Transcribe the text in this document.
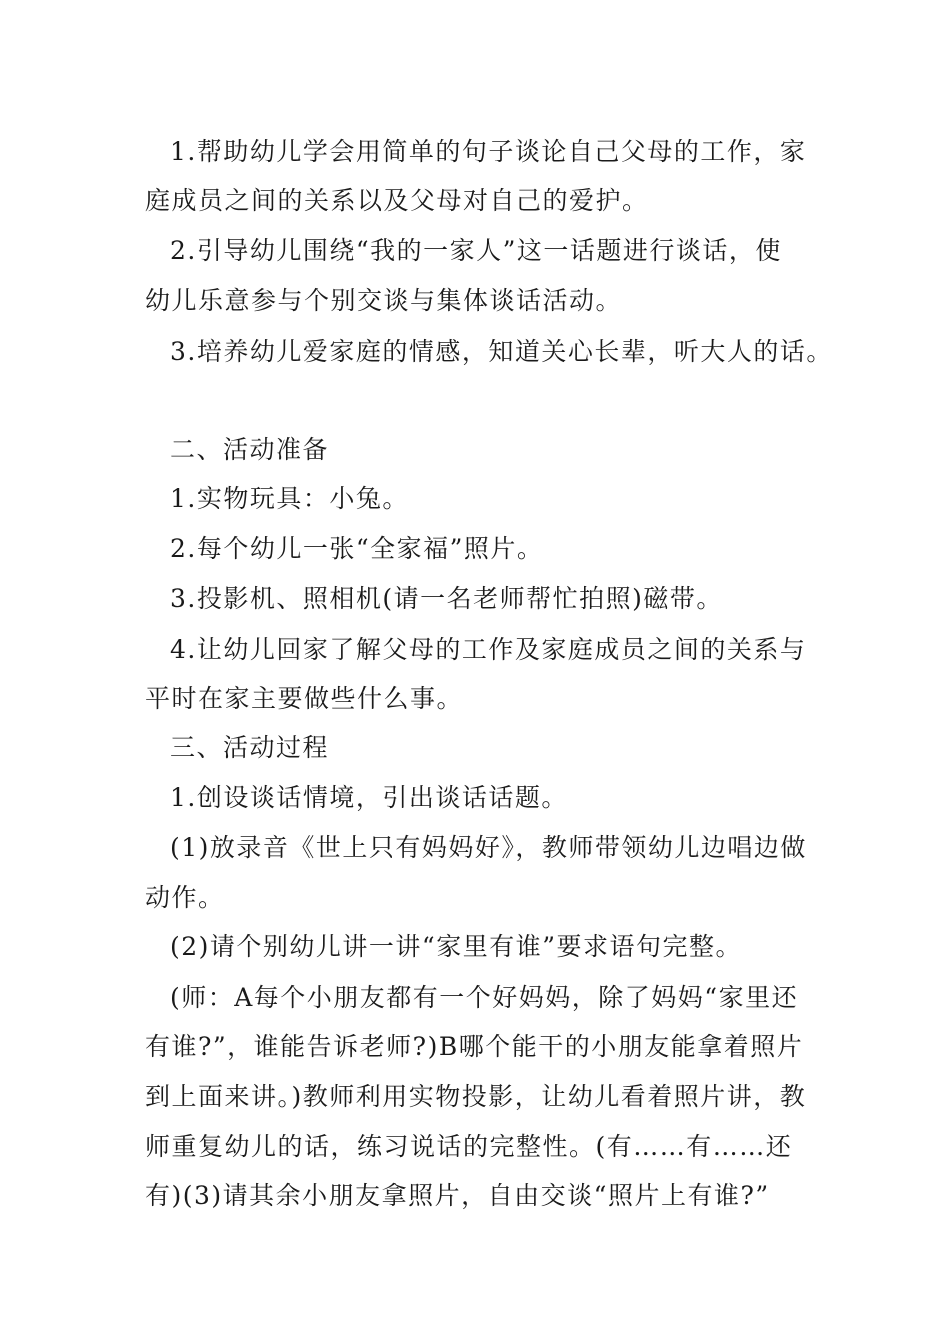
1.帮助幼儿学会用简单的句子谈论自己父母的工作，家
庭成员之间的关系以及父母对自己的爱护。
2.引导幼儿围绕“我的一家人”这一话题进行谈话，使
幼儿乐意参与个别交谈与集体谈话活动。
3.培养幼儿爱家庭的情感，知道关心长辈，听大人的话。
二、活动准备
1.实物玩具：小兔。
2.每个幼儿一张“全家福”照片。
3.投影机、照相机(请一名老师帮忙拍照)磁带。
4.让幼儿回家了解父母的工作及家庭成员之间的关系与
平时在家主要做些什么事。
三、活动过程
1.创设谈话情境，引出谈话话题。
(1)放录音《世上只有妈妈好》，教师带领幼儿边唱边做
动作。
(2)请个别幼儿讲一讲“家里有谁”要求语句完整。
(师：A每个小朋友都有一个好妈妈，除了妈妈“家里还
有谁?”，谁能告诉老师?)B哪个能干的小朋友能拿着照片
到上面来讲。)教师利用实物投影，让幼儿看着照片讲，教
师重复幼儿的话，练习说话的完整性。(有……有……还
有)(3)请其余小朋友拿照片，自由交谈“照片上有谁?”
